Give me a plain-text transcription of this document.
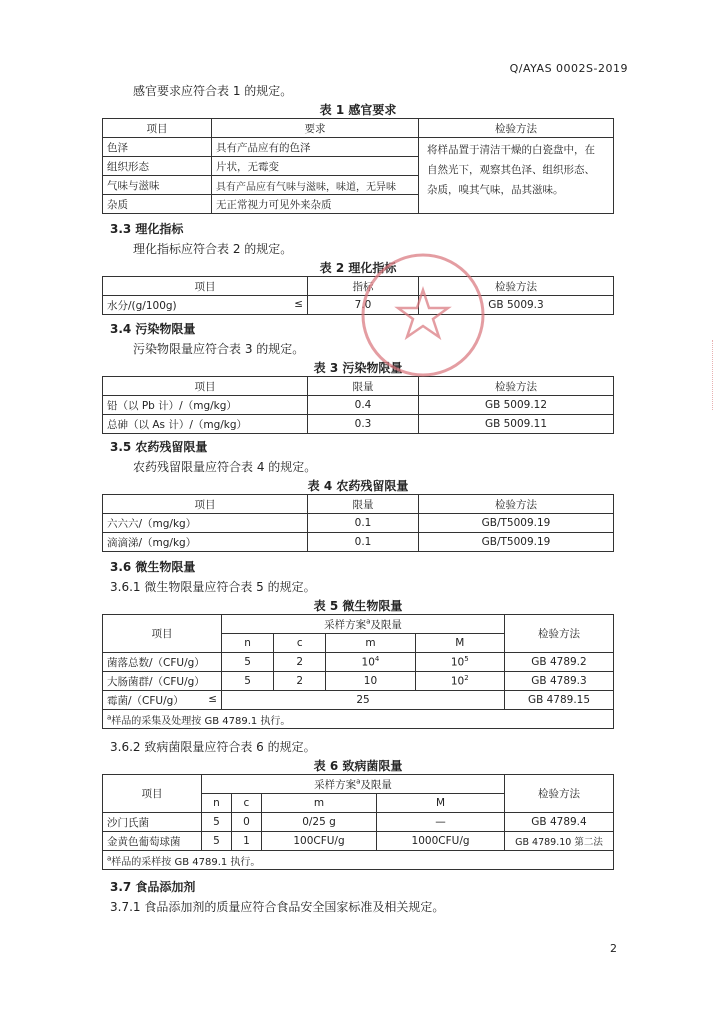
Q/AYAS 0002S-2019
感官要求应符合表 1 的规定。
表 1 感官要求
项目	要求	检验方法
色泽	具有产品应有的色泽	将样品置于清洁干燥的白瓷盘中，在自然光下，观察其色泽、组织形态、杂质，嗅其气味，品其滋味。
组织形态	片状，无霉变	
气味与滋味	具有产品应有气味与滋味，味道，无异味	
杂质	无正常视力可见外来杂质	
3.3 理化指标
理化指标应符合表 2 的规定。
表 2 理化指标
项目	指标	检验方法
水分/(g/100g) ≤	7.0	GB 5009.3
3.4 污染物限量
污染物限量应符合表 3 的规定。
表 3 污染物限量
项目	限量	检验方法
铅（以 Pb 计）/（mg/kg）	0.4	GB 5009.12
总砷（以 As 计）/（mg/kg）	0.3	GB 5009.11
3.5 农药残留限量
农药残留限量应符合表 4 的规定。
表 4 农药残留限量
项目	限量	检验方法
六六六/（mg/kg）	0.1	GB/T5009.19
滴滴涕/（mg/kg）	0.1	GB/T5009.19
3.6 微生物限量
3.6.1 微生物限量应符合表 5 的规定。
表 5 微生物限量
项目	采样方案$^a$及限量				检验方法
	n	c	m	M	
菌落总数/（CFU/g）	5	2	$10^4$	$10^5$	GB 4789.2
大肠菌群/（CFU/g）	5	2	10	$10^2$	GB 4789.3
霉菌/（CFU/g） ≤	25				GB 4789.15
$^a$样品的采集及处理按 GB 4789.1 执行。					
3.6.2 致病菌限量应符合表 6 的规定。
表 6 致病菌限量
项目	采样方案$^a$及限量				检验方法
	n	c	m	M	
沙门氏菌	5	0	0/25 g	—	GB 4789.4
金黄色葡萄球菌	5	1	100CFU/g	1000CFU/g	GB 4789.10 第二法
$^a$样品的采样按 GB 4789.1 执行。					
3.7 食品添加剂
3.7.1 食品添加剂的质量应符合食品安全国家标准及相关规定。
2
